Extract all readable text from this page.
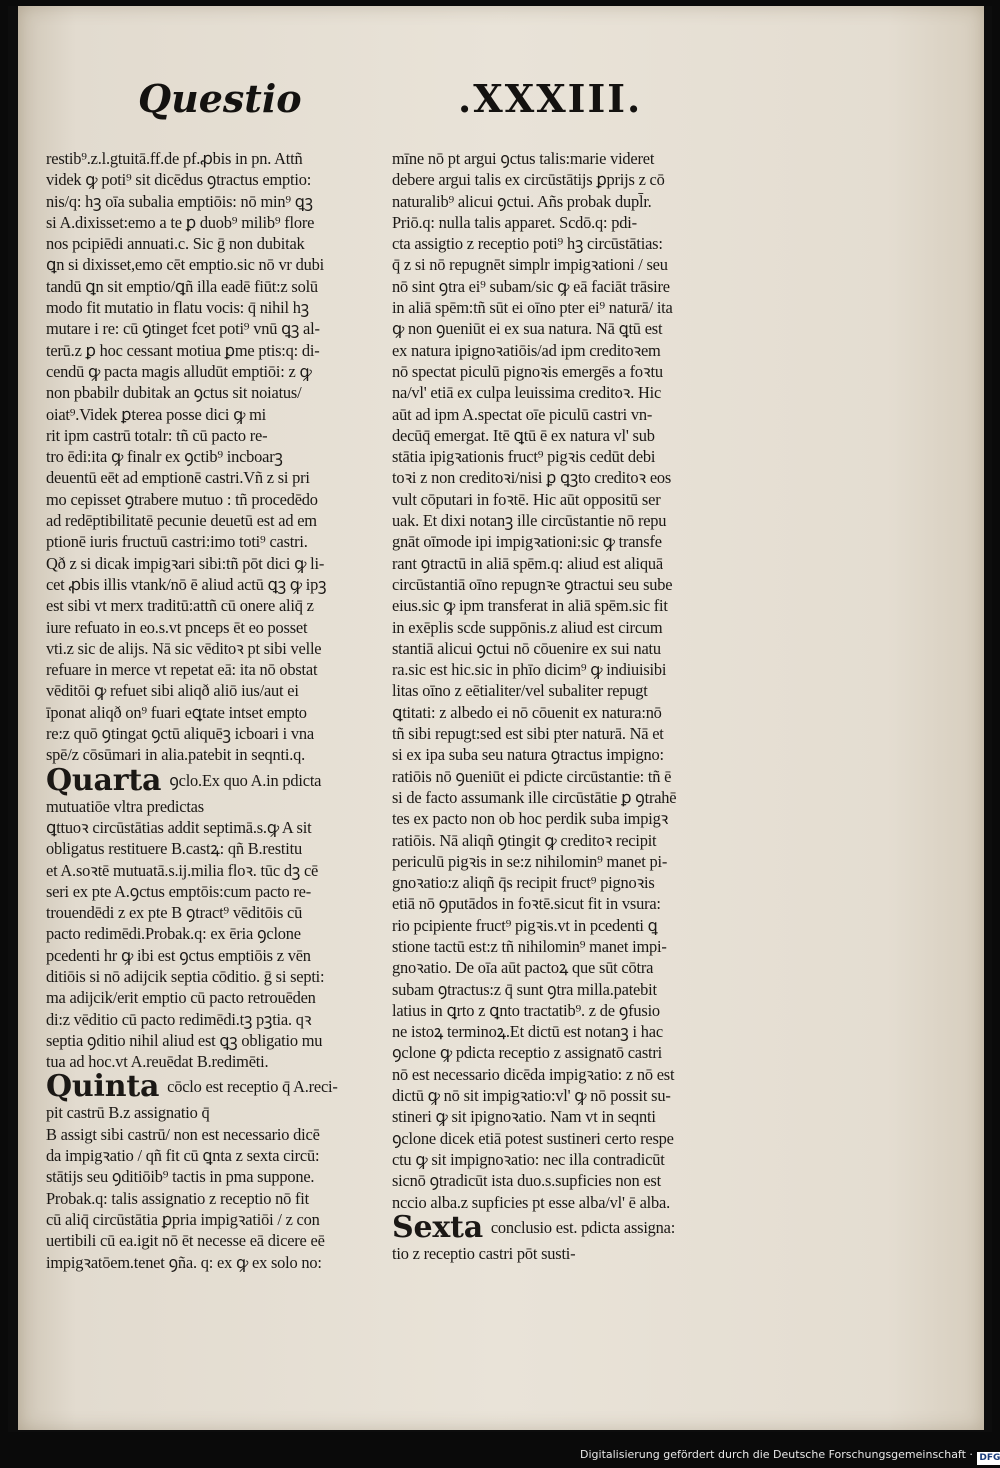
Questio	.XXXIII.
restib⁹.z.l.gtuitā.ff.de pf.ꝓbis in pn. Attñ
videk ꝙ poti⁹ sit dicēdus ꝯtractus emptio:
nis/q: hꝫ oīa subalia emptiōis: nō min⁹ ꝗꝫ
si A.dixisset:emo a te ꝑ duob⁹ milib⁹ flore
nos pcipiēdi annuati.c. Sic ḡ non dubitak
ꝗn si dixisset,emo cēt emptio.sic nō vr dubi
tandū ꝗn sit emptio/ꝗñ illa eadē fiūt:z solū
modo fit mutatio in flatu vocis: q̄ nihil hꝫ
mutare i re: cū ꝯtinget fcet poti⁹ vnū ꝗꝫ al-
terū.z ꝑ hoc cessant motiua ꝑme ptis:q: di-
cendū ꝙ pacta magis alludūt emptiōi: z ꝙ
non pbabilr dubitak an ꝯctus sit noiatus/
oiat⁹.Videk ꝑterea posse dici ꝙ mi
rit ipm castrū totalr: tñ cū pacto re-
tro ēdi:ita ꝙ finalr ex ꝯctib⁹ incboarꝫ
deuentū eēt ad emptionē castri.Vñ z si pri
mo cepisset ꝯtrabere mutuo : tñ procedēdo
ad redēptibilitatē pecunie deuetū est ad em
ptionē iuris fructuū castri:imo toti⁹ castri.
Qð z si dicak impigꝛari sibi:tñ pōt dici ꝙ li-
cet ꝓbis illis vtank/nō ē aliud actū ꝗꝫ ꝙ ipꝫ
est sibi vt merx traditū:attñ cū onere aliq̄ z
iure refuato in eo.s.vt pnceps ēt eo posset
vti.z sic de alijs. Nā sic vēditoꝛ pt sibi velle
refuare in merce vt repetat eā: ita nō obstat
vēditōi ꝙ refuet sibi aliqð aliō ius/aut ei
īponat aliqð on⁹ fuari eꝗtate intset empto
re:z quō ꝯtingat ꝯctū aliquēꝫ icboari i vna
spē/z cōsūmari in alia.patebit in seqnti.q.
Quarta ꝯclo.Ex quo A.in pdicta
mutuatiōe vltra predictas
ꝗttuoꝛ circūstātias addit septimā.s.ꝙ A sit
obligatus restituere B.castꝝ: qñ B.restitu
et A.soꝛtē mutuatā.s.ij.milia floꝛ. tūc dꝫ cē
seri ex pte A.ꝯctus emptōis:cum pacto re-
trouendēdi z ex pte B ꝯtract⁹ vēditōis cū
pacto redimēdi.Probak.q: ex ēria ꝯclone
pcedenti hr ꝙ ibi est ꝯctus emptiōis z vēn
ditiōis si nō adijcik septia cōditio. ḡ si septi:
ma adijcik/erit emptio cū pacto retrouēden
di:z vēditio cū pacto redimēdi.tꝫ pꝫtia. qꝛ
septia ꝯditio nihil aliud est ꝗꝫ obligatio mu
tua ad hoc.vt A.reuēdat B.redimēti.
Quinta cōclo est receptio q̄ A.reci-
pit castrū B.z assignatio q̄
B assigt sibi castrū/ non est necessario dicē
da impigꝛatio / qñ fit cū ꝗnta z sexta circū:
stātijs seu ꝯditiōib⁹ tactis in pma suppone.
Probak.q: talis assignatio z receptio nō fit
cū aliq̄ circūstātia ꝑpria impigꝛatiōi / z con
uertibili cū ea.igit nō ēt necesse eā dicere eē
impigꝛatōem.tenet ꝯña. q: ex ꝙ ex solo no:
mīne nō pt argui ꝯctus talis:marie videret
debere argui talis ex circūstātijs ꝑprijs z cō
naturalib⁹ alicui ꝯctui. Añs probak dupl̄r.
Priō.q: nulla talis apparet. Scdō.q: pdi-
cta assigtio z receptio poti⁹ hꝫ circūstātias:
q̄ z si nō repugnēt simplr impigꝛationi / seu
nō sint ꝯtra ei⁹ subam/sic ꝙ eā faciāt trāsire
in aliā spēm:tñ sūt ei oīno pter ei⁹ naturā/ ita
ꝙ non ꝯueniūt ei ex sua natura. Nā ꝗtū est
ex natura ipignoꝛatiōis/ad ipm creditoꝛem
nō spectat piculū pignoꝛis emergēs a foꝛtu
na/vl' etiā ex culpa leuissima creditoꝛ. Hic
aūt ad ipm A.spectat oīe piculū castri vn-
decūq̄ emergat. Itē ꝗtū ē ex natura vl' sub
stātia ipigꝛationis fruct⁹ pigꝛis cedūt debi
toꝛi z non creditoꝛi/nisi ꝑ ꝗꝫto creditoꝛ eos
vult cōputari in foꝛtē. Hic aūt oppositū ser
uak. Et dixi notanꝫ ille circūstantie nō repu
gnāt oīmode ipi impigꝛationi:sic ꝙ transfe
rant ꝯtractū in aliā spēm.q: aliud est aliquā
circūstantiā oīno repugnꝛe ꝯtractui seu sube
eius.sic ꝙ ipm transferat in aliā spēm.sic fit
in exēplis scde suppōnis.z aliud est circum
stantiā alicui ꝯctui nō cōuenire ex sui natu
ra.sic est hic.sic in phīo dicim⁹ ꝙ indiuisibi
litas oīno z eētialiter/vel subaliter repugt
ꝗtitati: z albedo ei nō cōuenit ex natura:nō
tñ sibi repugt:sed est sibi pter naturā. Nā et
si ex ipa suba seu natura ꝯtractus impigno:
ratiōis nō ꝯueniūt ei pdicte circūstantie: tñ ē
si de facto assumank ille circūstātie ꝑ ꝯtrahē
tes ex pacto non ob hoc perdik suba impigꝛ
ratiōis. Nā aliqñ ꝯtingit ꝙ creditoꝛ recipit
periculū pigꝛis in se:z nihilomin⁹ manet pi-
gnoꝛatio:z aliqñ q̄s recipit fruct⁹ pignoꝛis
etiā nō ꝯputādos in foꝛtē.sicut fit in vsura:
rio pcipiente fruct⁹ pigꝛis.vt in pcedenti ꝗ
stione tactū est:z tñ nihilomin⁹ manet impi-
gnoꝛatio. De oīa aūt pactoꝝ que sūt cōtra
subam ꝯtractus:z q̄ sunt ꝯtra milla.patebit
latius in ꝗrto z ꝗnto tractatib⁹. z de ꝯfusio
ne istoꝝ terminoꝝ.Et dictū est notanꝫ i hac
ꝯclone ꝙ pdicta receptio z assignatō castri
nō est necessario dicēda impigꝛatio: z nō est
dictū ꝙ nō sit impigꝛatio:vl' ꝙ nō possit su-
stineri ꝙ sit ipignoꝛatio. Nam vt in seqnti
ꝯclone dicek etiā potest sustineri certo respe
ctu ꝙ sit impignoꝛatio: nec illa contradicūt
sicnō ꝯtradicūt ista duo.s.supficies non est
nccio alba.z supficies pt esse alba/vl' ē alba.
Sexta conclusio est. pdicta assigna:
tio z receptio castri pōt susti-
Digitalisierung gefördert durch die Deutsche Forschungsgemeinschaft · DFG
